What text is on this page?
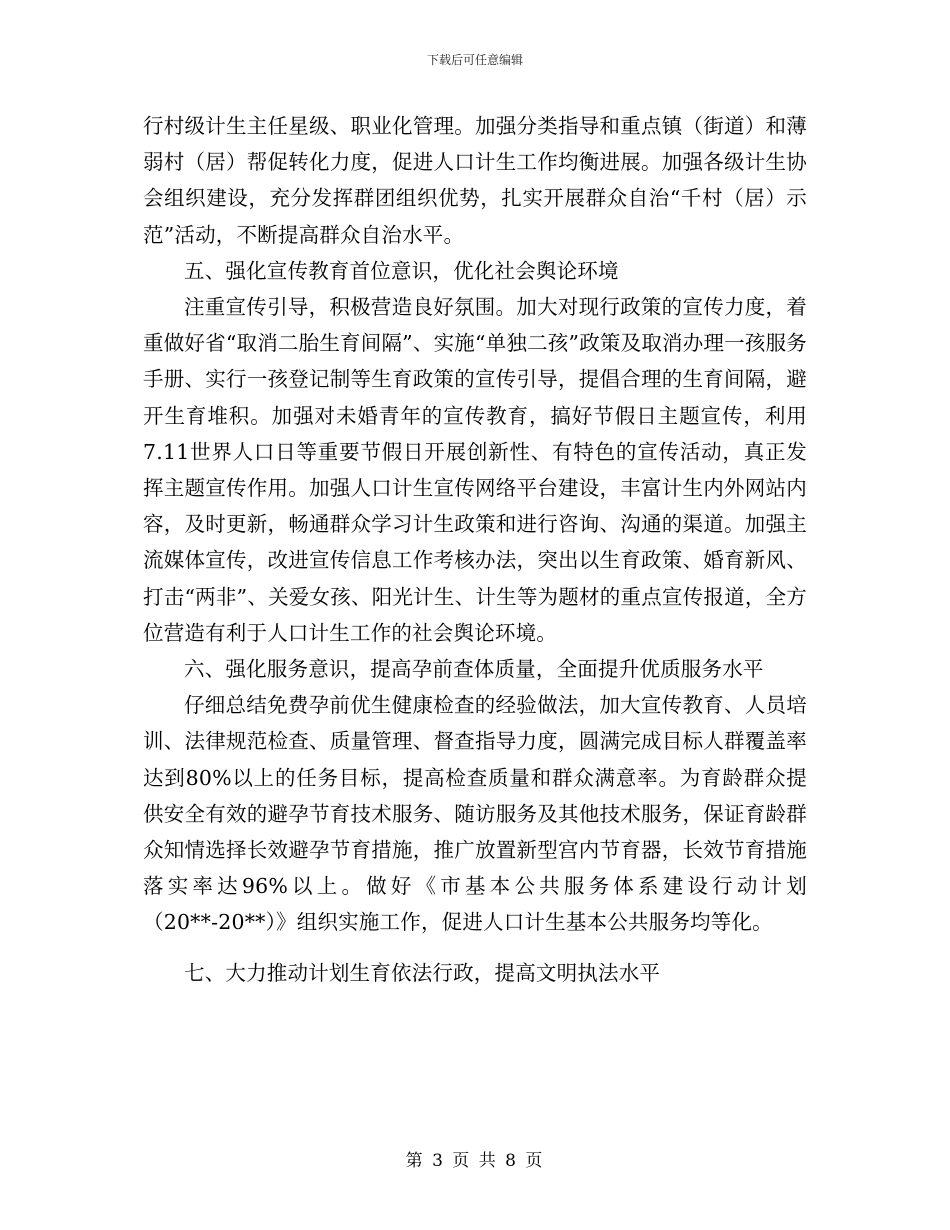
下载后可任意编辑

行村级计生主任星级、职业化管理。加强分类指导和重点镇（街道）和薄弱村（居）帮促转化力度，促进人口计生工作均衡进展。加强各级计生协会组织建设，充分发挥群团组织优势，扎实开展群众自治“千村（居）示范”活动，不断提高群众自治水平。

五、强化宣传教育首位意识，优化社会舆论环境

注重宣传引导，积极营造良好氛围。加大对现行政策的宣传力度，着重做好省“取消二胎生育间隔”、实施“单独二孩”政策及取消办理一孩服务手册、实行一孩登记制等生育政策的宣传引导，提倡合理的生育间隔，避开生育堆积。加强对未婚青年的宣传教育，搞好节假日主题宣传，利用7.11世界人口日等重要节假日开展创新性、有特色的宣传活动，真正发挥主题宣传作用。加强人口计生宣传网络平台建设，丰富计生内外网站内容，及时更新，畅通群众学习计生政策和进行咨询、沟通的渠道。加强主流媒体宣传，改进宣传信息工作考核办法，突出以生育政策、婚育新风、打击“两非”、关爱女孩、阳光计生、计生等为题材的重点宣传报道，全方位营造有利于人口计生工作的社会舆论环境。

六、强化服务意识，提高孕前查体质量，全面提升优质服务水平

仔细总结免费孕前优生健康检查的经验做法，加大宣传教育、人员培训、法律规范检查、质量管理、督查指导力度，圆满完成目标人群覆盖率达到80%以上的任务目标，提高检查质量和群众满意率。为育龄群众提供安全有效的避孕节育技术服务、随访服务及其他技术服务，保证育龄群众知情选择长效避孕节育措施，推广放置新型宫内节育器，长效节育措施落实率达96%以上。做好《市基本公共服务体系建设行动计划（20**-20**）》组织实施工作，促进人口计生基本公共服务均等化。

七、大力推动计划生育依法行政，提高文明执法水平

第 3 页 共 8 页
